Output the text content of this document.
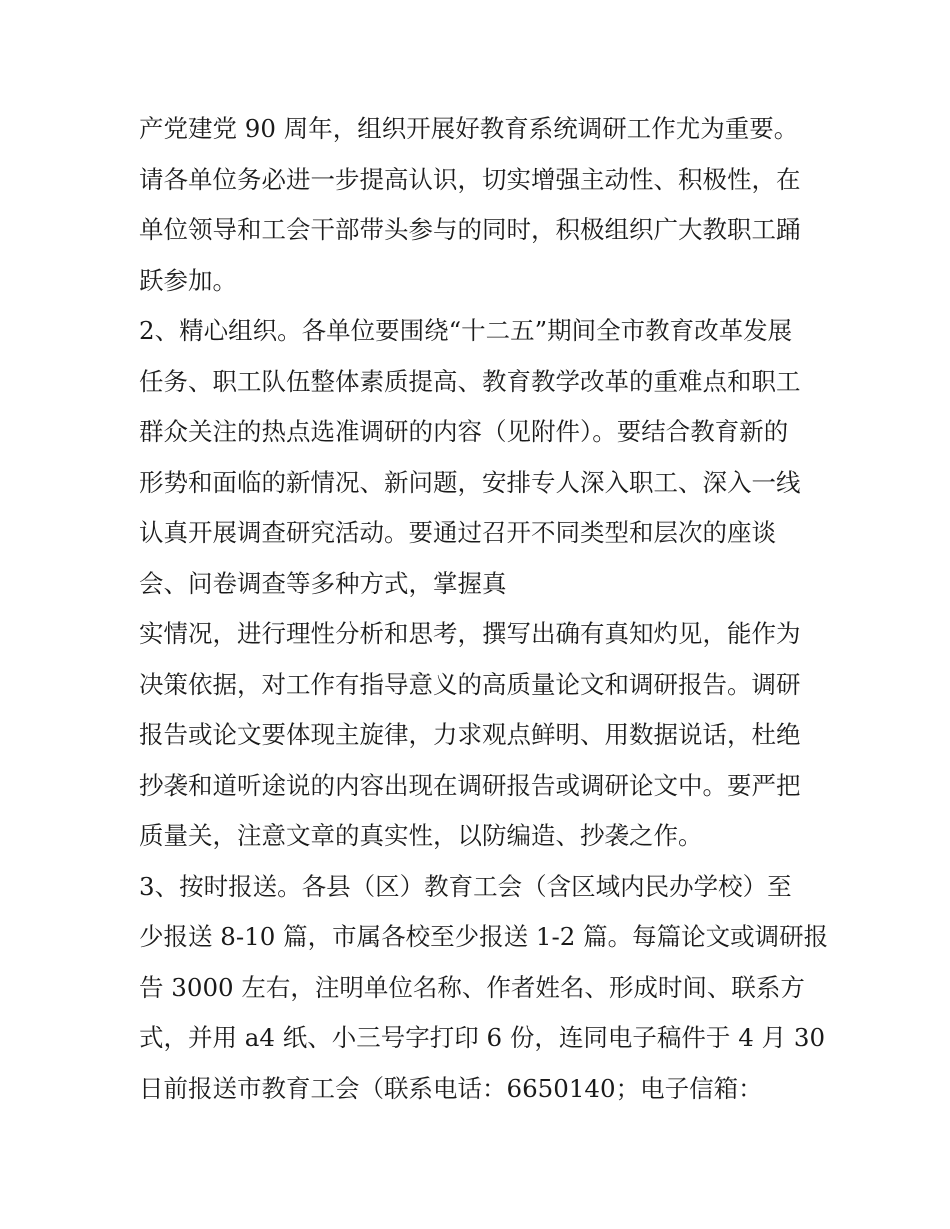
产党建党 90 周年，组织开展好教育系统调研工作尤为重要。
请各单位务必进一步提高认识，切实增强主动性、积极性，在
单位领导和工会干部带头参与的同时，积极组织广大教职工踊
跃参加。
2、精心组织。各单位要围绕“十二五”期间全市教育改革发展
任务、职工队伍整体素质提高、教育教学改革的重难点和职工
群众关注的热点选准调研的内容（见附件）。要结合教育新的
形势和面临的新情况、新问题，安排专人深入职工、深入一线
认真开展调查研究活动。要通过召开不同类型和层次的座谈
会、问卷调查等多种方式，掌握真
实情况，进行理性分析和思考，撰写出确有真知灼见，能作为
决策依据，对工作有指导意义的高质量论文和调研报告。调研
报告或论文要体现主旋律，力求观点鲜明、用数据说话，杜绝
抄袭和道听途说的内容出现在调研报告或调研论文中。要严把
质量关，注意文章的真实性，以防编造、抄袭之作。
3、按时报送。各县（区）教育工会（含区域内民办学校）至
少报送 8-10 篇，市属各校至少报送 1-2 篇。每篇论文或调研报
告 3000 左右，注明单位名称、作者姓名、形成时间、联系方
式，并用 a4 纸、小三号字打印 6 份，连同电子稿件于 4 月 30
日前报送市教育工会（联系电话：6650140；电子信箱：
